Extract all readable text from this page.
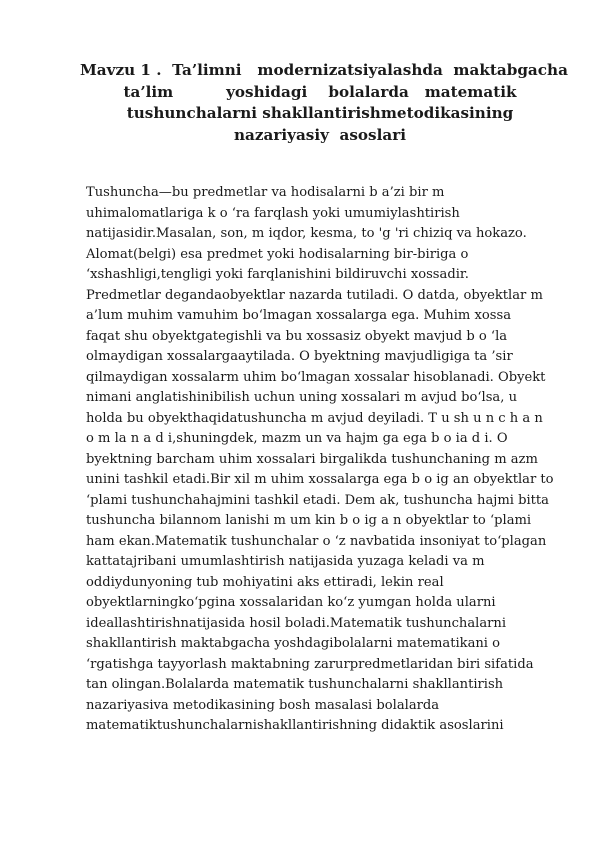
Mavzu 1 .  Ta’limni   modernizatsiyalashda  maktabgacha
ta’lim          yoshidagi    bolalarda   matematik
tushunchalarni shakllantirishmetodikasining
nazariyasiy  asoslari
Tushuncha—bu predmetlar va hodisalarni b a’zi bir m
uhimalomatlariga k o ‘ra farqlash yoki umumiylashtirish
natijasidir.Masalan, son, m iqdor, kesma, to 'g 'ri chiziq va hokazo.
Alomat(belgi) esa predmet yoki hodisalarning bir-biriga o
‘xshashligi,tengligi yoki farqlanishini bildiruvchi xossadir.
Predmetlar degandaobyektlar nazarda tutiladi. O datda, obyektlar m
a’lum muhim vamuhim bo‘lmagan xossalarga ega. Muhim xossa
faqat shu obyektgategishli va bu xossasiz obyekt mavjud b o ‘la
olmaydigan xossalargaaytilada. O byektning mavjudligiga ta ’sir
qilmaydigan xossalarm uhim bo‘lmagan xossalar hisoblanadi. Obyekt
nimani anglatishinibilish uchun uning xossalari m avjud bo‘lsa, u
holda bu obyekthaqidatushuncha m avjud deyiladi. T u sh u n c h a n
o m la n a d i,shuningdek, mazm un va hajm ga ega b o ia d i. O
byektning barcham uhim xossalari birgalikda tushunchaning m azm
unini tashkil etadi.Bir xil m uhim xossalarga ega b o ig an obyektlar to
‘plami tushunchahajmini tashkil etadi. Dem ak, tushuncha hajmi bitta
tushuncha bilannom lanishi m um kin b o ig a n obyektlar to ‘plami
ham ekan.Matematik tushunchalar o ‘z navbatida insoniyat to‘plagan
kattatajribani umumlashtirish natijasida yuzaga keladi va m
oddiydunyoning tub mohiyatini aks ettiradi, lekin real
obyektlarningko‘pgina xossalaridan ko‘z yumgan holda ularni
ideallashtirishnatijasida hosil boladi.Matematik tushunchalarni
shakllantirish maktabgacha yoshdagibolalarni matematikani o
‘rgatishga tayyorlash maktabning zarurpredmetlaridan biri sifatida
tan olingan.Bolalarda matematik tushunchalarni shakllantirish
nazariyasiva metodikasining bosh masalasi bolalarda
matematiktushunchalarnishakllantirishning didaktik asoslarini
